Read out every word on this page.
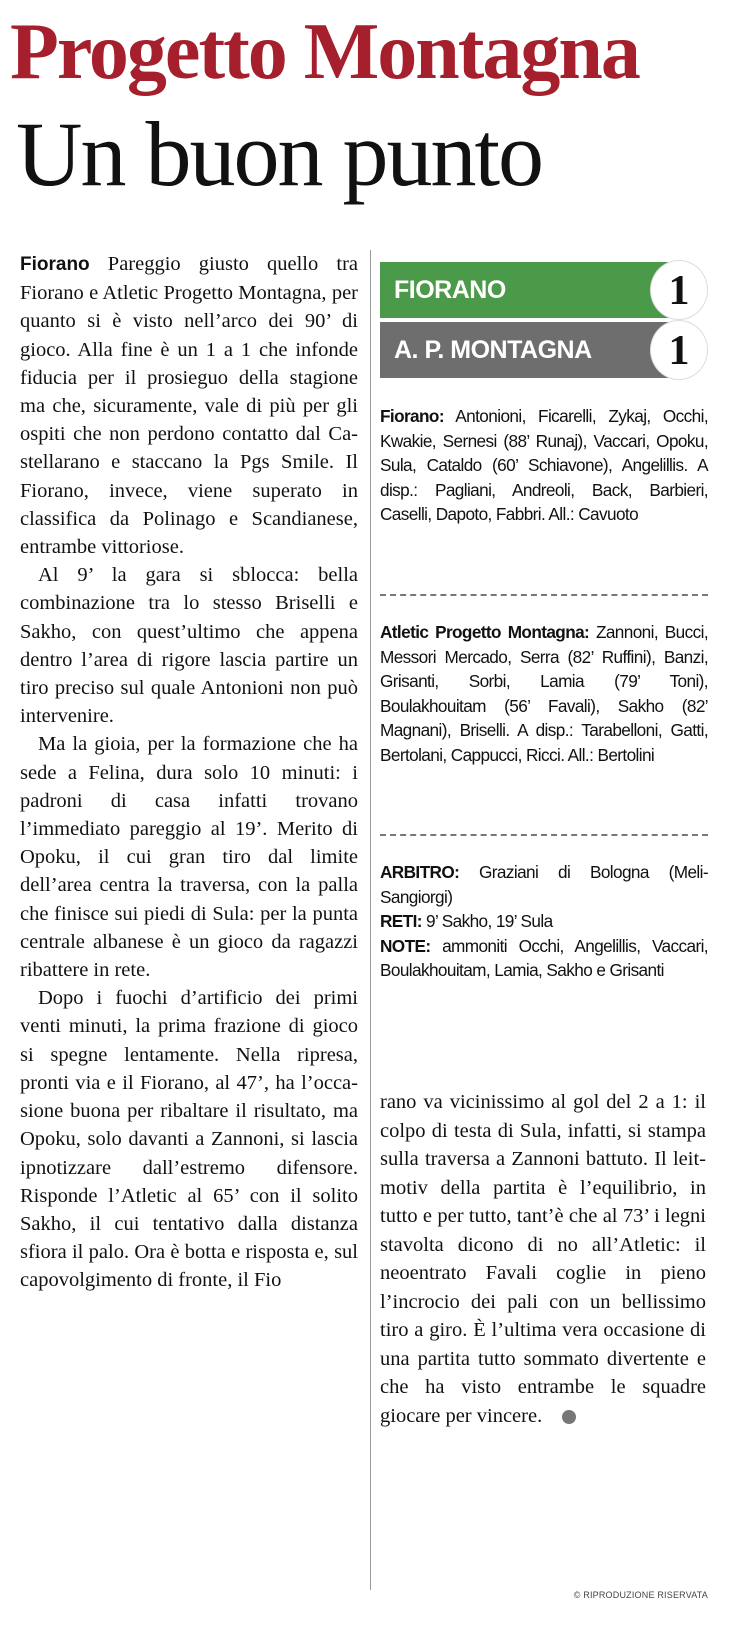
Progetto Montagna
Un buon punto

Fiorano Pareggio giusto quello tra Fiorano e Atletic Progetto Montagna, per quanto si è visto nell’arco dei 90’ di gioco. Alla fine è un 1 a 1 che infonde fiducia per il prosieguo della stagione ma che, sicuramente, vale di più per gli ospiti che non perdono contatto dal Castellarano e staccano la Pgs Smile. Il Fiorano, invece, viene superato in classifica da Polinago e Scandianese, entrambe vittoriose.

Al 9’ la gara si sblocca: bella combinazione tra lo stesso Briselli e Sakho, con quest’ultimo che appena dentro l’area di rigore lascia partire un tiro preciso sul quale Antonioni non può intervenire.

Ma la gioia, per la formazione che ha sede a Felina, dura solo 10 minuti: i padroni di casa infatti trovano l’immediato pareggio al 19’. Merito di Opoku, il cui gran tiro dal limite dell’area centra la traversa, con la palla che finisce sui piedi di Sula: per la punta centrale albanese è un gioco da ragazzi ribattere in rete.

Dopo i fuochi d’artificio dei primi venti minuti, la prima frazione di gioco si spegne lentamente. Nella ripresa, pronti via e il Fiorano, al 47’, ha l’occasione buona per ribaltare il risultato, ma Opoku, solo davanti a Zannoni, si lascia ipnotizzare dall’estremo difensore. Risponde l’Atletic al 65’ con il solito Sakho, il cui tentativo dalla distanza sfiora il palo. Ora è botta e risposta e, sul capovolgimento di fronte, il Fio

FIORANO	1
A. P. MONTAGNA	1

Fiorano: Antonioni, Ficarelli, Zykaj, Occhi, Kwakie, Sernesi (88’ Runaj), Vaccari, Opoku, Sula, Cataldo (60’ Schiavone), Angelillis. A disp.: Pagliani, Andreoli, Back, Barbieri, Caselli, Dapoto, Fabbri. All.: Cavuoto

Atletic Progetto Montagna: Zannoni, Bucci, Messori Mercado, Serra (82’ Ruffini), Banzi, Grisanti, Sorbi, Lamia (79’ Toni), Boulakhouitam (56’ Favali), Sakho (82’ Magnani), Briselli. A disp.: Tarabelloni, Gatti, Bertolani, Cappucci, Ricci. All.: Bertolini

ARBITRO: Graziani di Bologna (Meli-Sangiorgi)

RETI: 9’ Sakho, 19’ Sula

NOTE: ammoniti Occhi, Angelillis, Vaccari, Boulakhouitam, Lamia, Sakho e Grisanti

rano va vicinissimo al gol del 2 a 1: il colpo di testa di Sula, infatti, si stampa sulla traversa a Zannoni battuto. Il leit-motiv della partita è l’equilibrio, in tutto e per tutto, tant’è che al 73’ i legni stavolta dicono di no all’Atletic: il neoentrato Favali coglie in pieno l’incrocio dei pali con un bellissimo tiro a giro. È l’ultima vera occasione di una partita tutto sommato divertente e che ha visto entrambe le squadre giocare per vincere.

© RIPRODUZIONE RISERVATA
